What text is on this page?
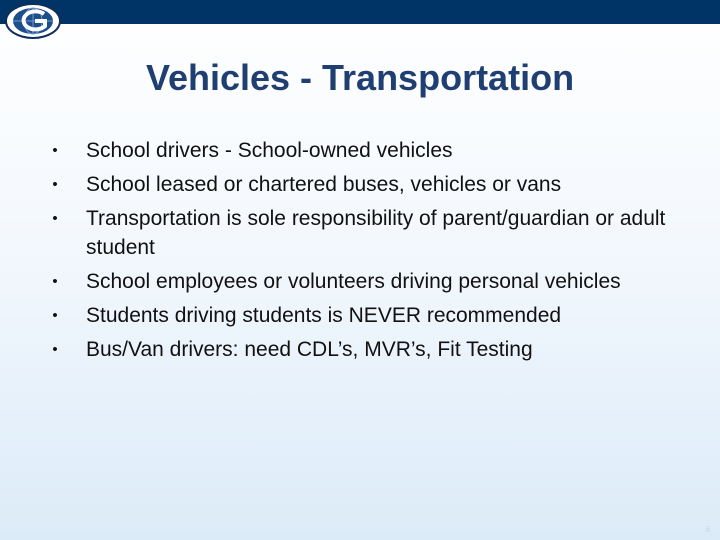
Vehicles - Transportation
• School drivers - School-owned vehicles
• School leased or chartered buses, vehicles or vans
• Transportation is sole responsibility of parent/guardian or adult student
• School employees or volunteers driving personal vehicles
• Students driving students is NEVER recommended
• Bus/Van drivers: need CDL’s, MVR’s, Fit Testing
6
